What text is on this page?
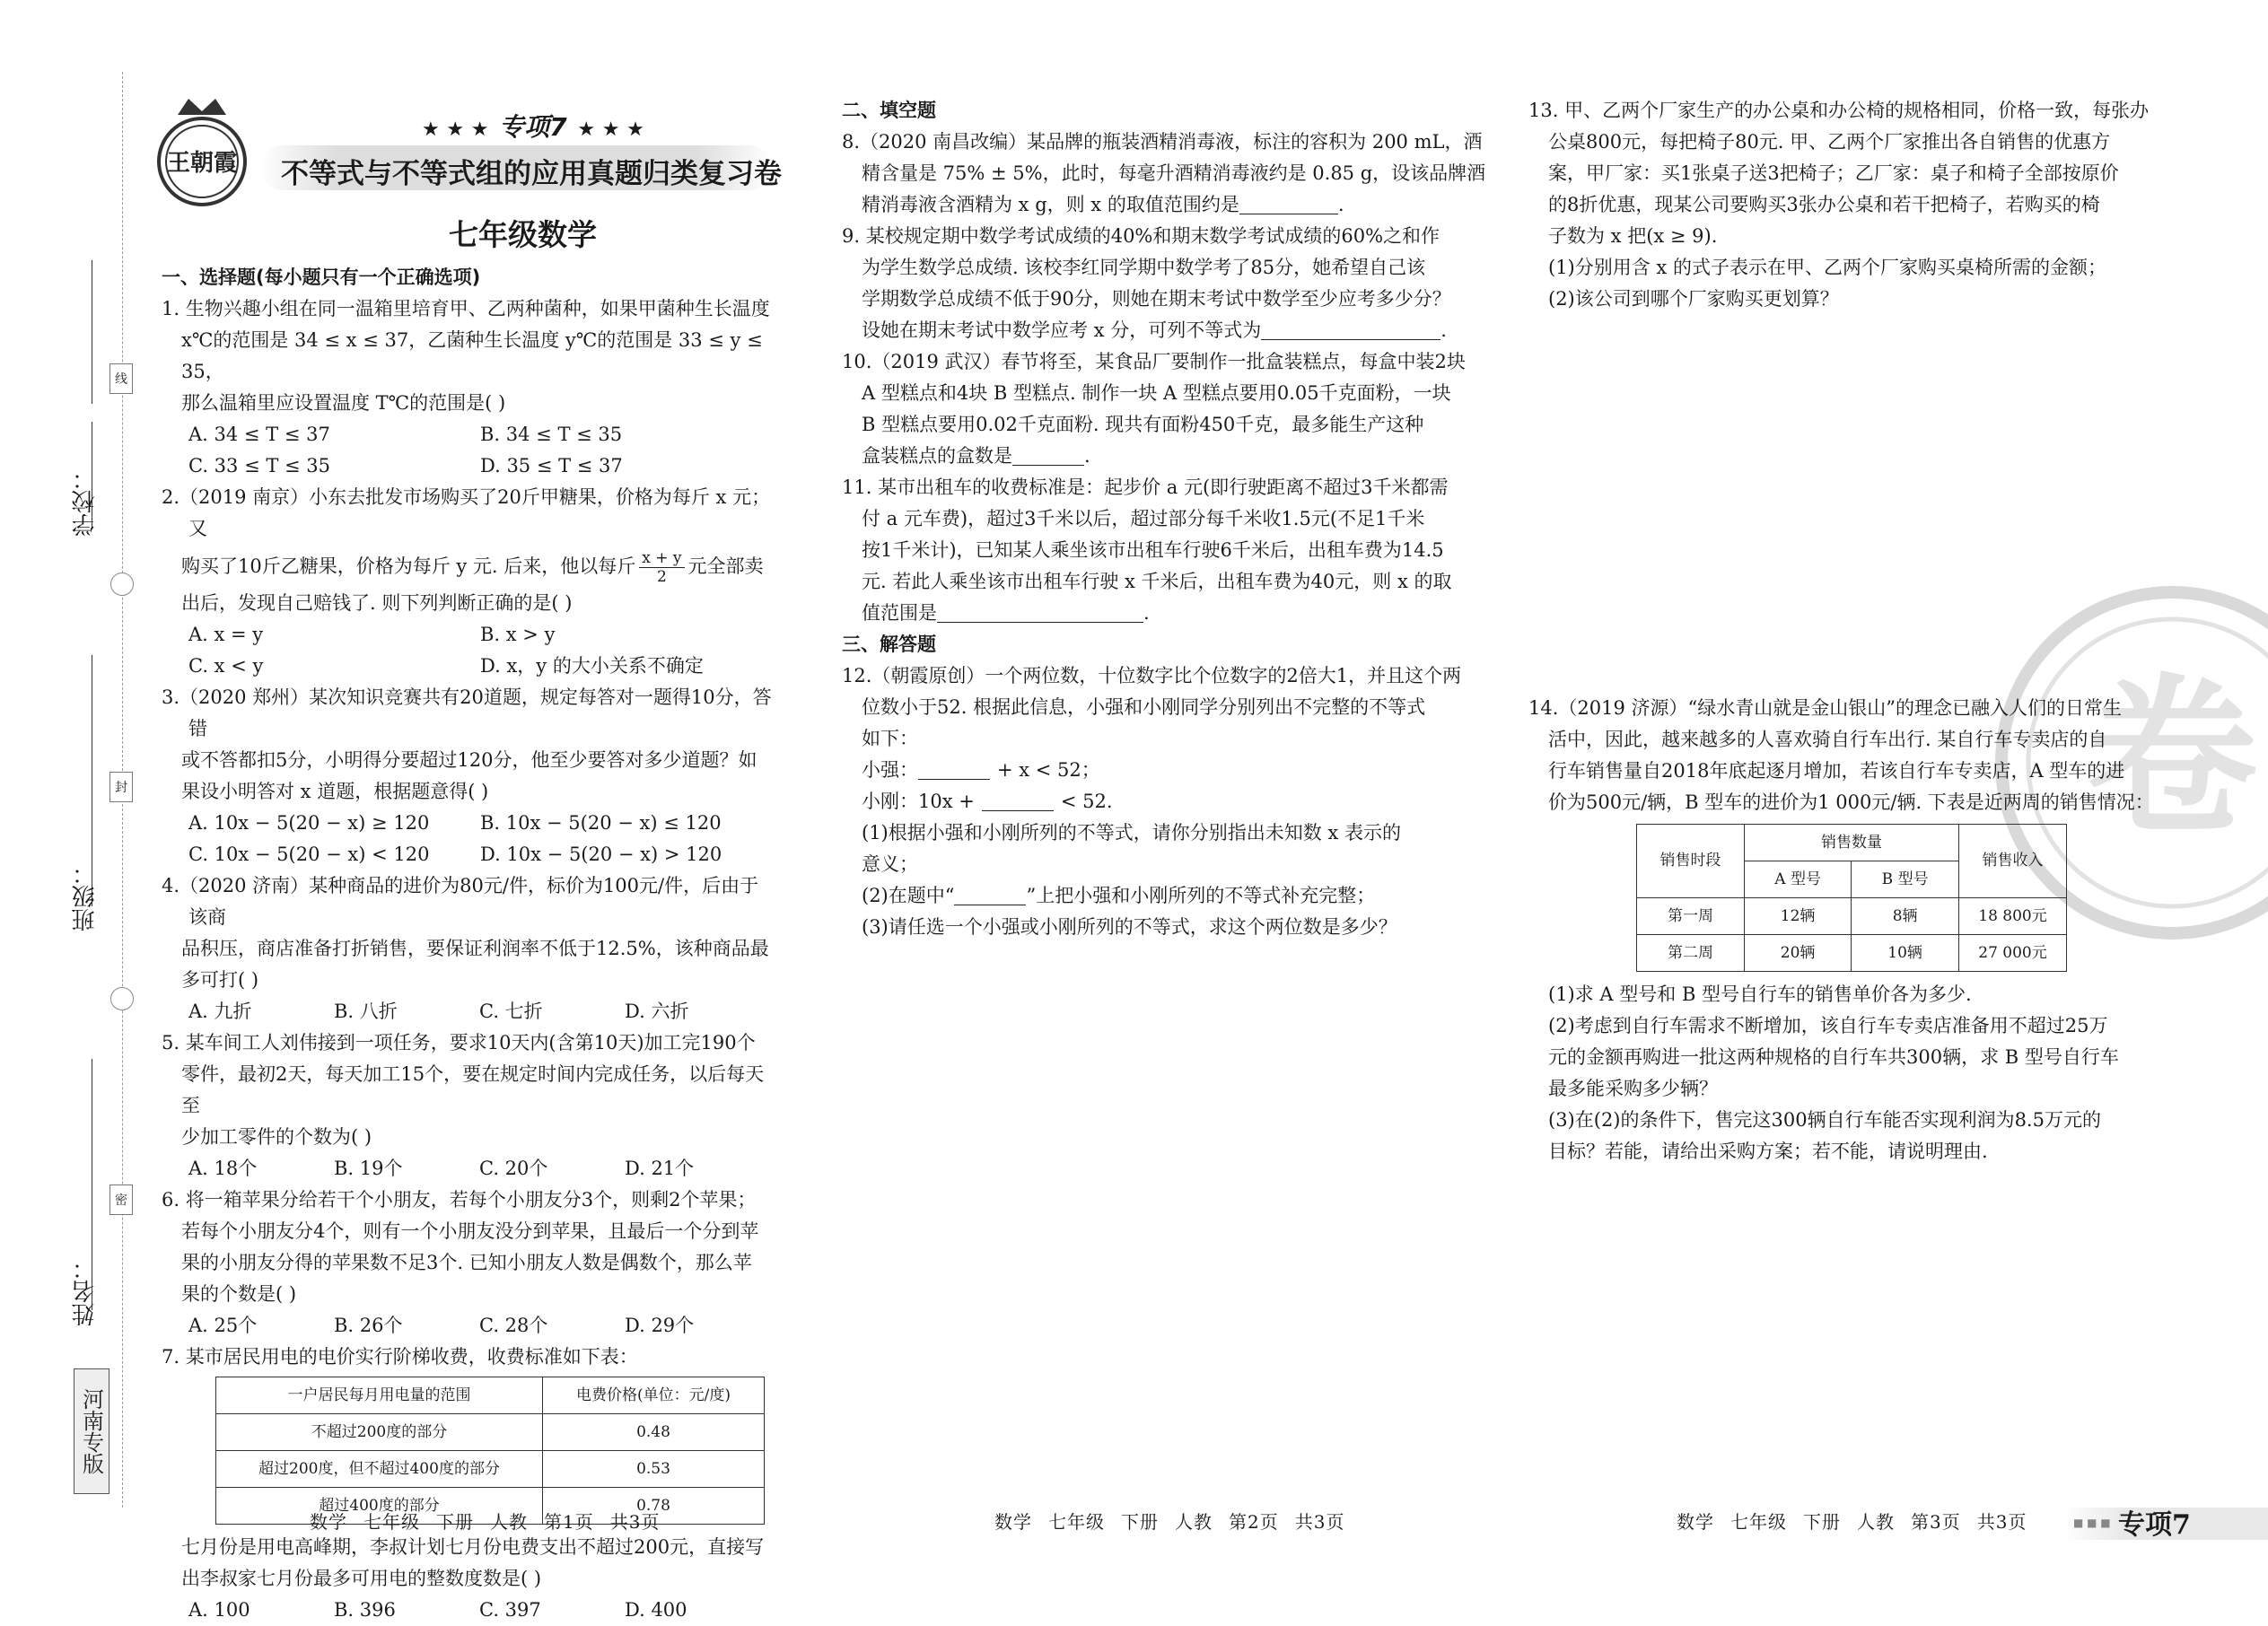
学校：
班级：
姓名：
线
封
密
河南专版
王朝霞
★ ★ ★ 专项7 ★ ★ ★
不等式与不等式组的应用真题归类复习卷
七年级数学

一、选择题(每小题只有一个正确选项)

1. 生物兴趣小组在同一温箱里培育甲、乙两种菌种，如果甲菌种生长温度

x℃的范围是 34 ≤ x ≤ 37，乙菌种生长温度 y℃的范围是 33 ≤ y ≤ 35，

那么温箱里应设置温度 T℃的范围是( )

A. 34 ≤ T ≤ 37	B. 34 ≤ T ≤ 35
C. 33 ≤ T ≤ 35	D. 35 ≤ T ≤ 37

2.（2019 南京）小东去批发市场购买了20斤甲糖果，价格为每斤 x 元；又

购买了10斤乙糖果，价格为每斤 y 元. 后来，他以每斤 $\frac{x + y}{2}$ 元全部卖

出后，发现自己赔钱了. 则下列判断正确的是( )

A. x = y	B. x > y
C. x < y	D. x，y 的大小关系不确定

3.（2020 郑州）某次知识竞赛共有20道题，规定每答对一题得10分，答错

或不答都扣5分，小明得分要超过120分，他至少要答对多少道题？如

果设小明答对 x 道题，根据题意得( )

A. 10x − 5(20 − x) ≥ 120	B. 10x − 5(20 − x) ≤ 120
C. 10x − 5(20 − x) < 120	D. 10x − 5(20 − x) > 120

4.（2020 济南）某种商品的进价为80元/件，标价为100元/件，后由于该商

品积压，商店准备打折销售，要保证利润率不低于12.5%，该种商品最

多可打( )

A. 九折	B. 八折	C. 七折	D. 六折

5. 某车间工人刘伟接到一项任务，要求10天内(含第10天)加工完190个

零件，最初2天，每天加工15个，要在规定时间内完成任务，以后每天至

少加工零件的个数为( )

A. 18个	B. 19个	C. 20个	D. 21个

6. 将一箱苹果分给若干个小朋友，若每个小朋友分3个，则剩2个苹果；

若每个小朋友分4个，则有一个小朋友没分到苹果，且最后一个分到苹

果的小朋友分得的苹果数不足3个. 已知小朋友人数是偶数个，那么苹

果的个数是( )

A. 25个	B. 26个	C. 28个	D. 29个

7. 某市居民用电的电价实行阶梯收费，收费标准如下表：

一户居民每月用电量的范围	电费价格(单位：元/度)
不超过200度的部分	0.48
超过200度，但不超过400度的部分	0.53
超过400度的部分	0.78

七月份是用电高峰期，李叔计划七月份电费支出不超过200元，直接写

出李叔家七月份最多可用电的整数度数是( )

A. 100	B. 396	C. 397	D. 400

二、填空题

8.（2020 南昌改编）某品牌的瓶装酒精消毒液，标注的容积为 200 mL，酒

精含量是 75% ± 5%，此时，每毫升酒精消毒液约是 0.85 g，设该品牌酒

精消毒液含酒精为 x g，则 x 的取值范围约是	.

9. 某校规定期中数学考试成绩的40%和期末数学考试成绩的60%之和作

为学生数学总成绩. 该校李红同学期中数学考了85分，她希望自己该

学期数学总成绩不低于90分，则她在期末考试中数学至少应考多少分？

设她在期末考试中数学应考 x 分，可列不等式为	.

10.（2019 武汉）春节将至，某食品厂要制作一批盒装糕点，每盒中装2块

A 型糕点和4块 B 型糕点. 制作一块 A 型糕点要用0.05千克面粉，一块

B 型糕点要用0.02千克面粉. 现共有面粉450千克，最多能生产这种

盒装糕点的盒数是	.

11. 某市出租车的收费标准是：起步价 a 元(即行驶距离不超过3千米都需

付 a 元车费)，超过3千米以后，超过部分每千米收1.5元(不足1千米

按1千米计)，已知某人乘坐该市出租车行驶6千米后，出租车费为14.5

元. 若此人乘坐该市出租车行驶 x 千米后，出租车费为40元，则 x 的取

值范围是	.

三、解答题

12.（朝霞原创）一个两位数，十位数字比个位数字的2倍大1，并且这个两

位数小于52. 根据此信息，小强和小刚同学分别列出不完整的不等式

如下：

小强：	+ x < 52；

小刚：10x +	< 52.

(1)根据小强和小刚所列的不等式，请你分别指出未知数 x 表示的

意义；

(2)在题中“	”上把小强和小刚所列的不等式补充完整；

(3)请任选一个小强或小刚所列的不等式，求这个两位数是多少？

13. 甲、乙两个厂家生产的办公桌和办公椅的规格相同，价格一致，每张办

公桌800元，每把椅子80元. 甲、乙两个厂家推出各自销售的优惠方

案，甲厂家：买1张桌子送3把椅子；乙厂家：桌子和椅子全部按原价

的8折优惠，现某公司要购买3张办公桌和若干把椅子，若购买的椅

子数为 x 把(x ≥ 9).

(1)分别用含 x 的式子表示在甲、乙两个厂家购买桌椅所需的金额；

(2)该公司到哪个厂家购买更划算？

卷

14.（2019 济源）“绿水青山就是金山银山”的理念已融入人们的日常生

活中，因此，越来越多的人喜欢骑自行车出行. 某自行车专卖店的自

行车销售量自2018年底起逐月增加，若该自行车专卖店，A 型车的进

价为500元/辆，B 型车的进价为1 000元/辆. 下表是近两周的销售情况：

销售时段	销售数量		销售收入
	A 型号	B 型号	
第一周	12辆	8辆	18 800元
第二周	20辆	10辆	27 000元

(1)求 A 型号和 B 型号自行车的销售单价各为多少.

(2)考虑到自行车需求不断增加，该自行车专卖店准备用不超过25万

元的金额再购进一批这两种规格的自行车共300辆，求 B 型号自行车

最多能采购多少辆？

(3)在(2)的条件下，售完这300辆自行车能否实现利润为8.5万元的

目标？若能，请给出采购方案；若不能，请说明理由.

数学 七年级 下册 人教 第1页 共3页	数学 七年级 下册 人教 第2页 共3页	数学 七年级 下册 人教 第3页 共3页	■ ■ ■ 专项7
